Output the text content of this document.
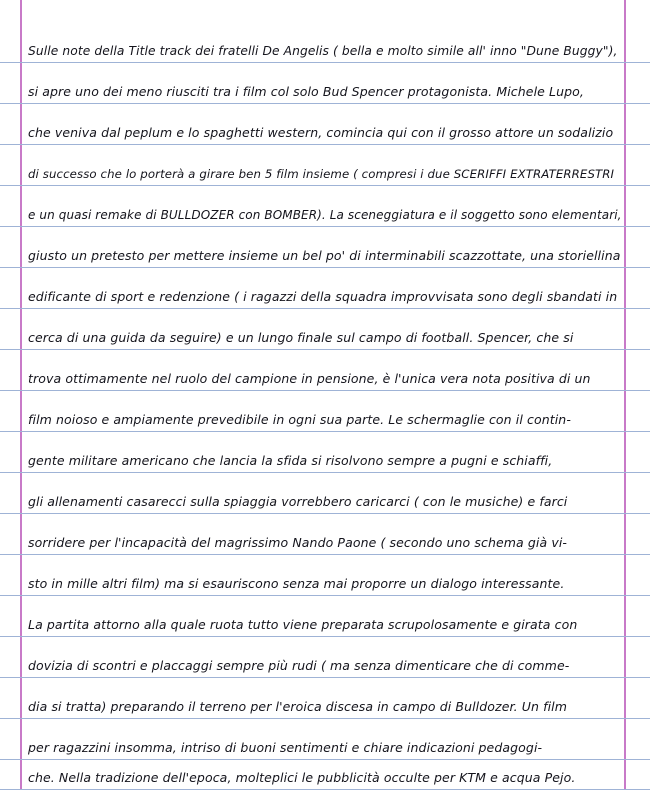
Sulle note della Title track dei fratelli De Angelis ( bella e molto simile all' inno "Dune Buggy"),
si apre uno dei meno riusciti tra i film col solo Bud Spencer protagonista. Michele Lupo,
che veniva dal peplum e lo spaghetti western, comincia qui con il grosso attore un sodalizio
di successo che lo porterà a girare ben 5 film insieme ( compresi i due SCERIFFI EXTRATERRESTRI
e un quasi remake di BULLDOZER con BOMBER). La sceneggiatura e il soggetto sono elementari,
giusto un pretesto per mettere insieme un bel po' di interminabili scazzottate, una storiellina
edificante di sport e redenzione ( i ragazzi della squadra improvvisata sono degli sbandati in
cerca di una guida da seguire) e un lungo finale sul campo di football. Spencer, che si
trova ottimamente nel ruolo del campione in pensione, è l'unica vera nota positiva di un
film noioso e ampiamente prevedibile in ogni sua parte. Le schermaglie con il contin-
gente militare americano che lancia la sfida si risolvono sempre a pugni e schiaffi,
gli allenamenti casarecci sulla spiaggia vorrebbero caricarci ( con le musiche) e farci
sorridere per l'incapacità del magrissimo Nando Paone ( secondo uno schema già vi-
sto in mille altri film) ma si esauriscono senza mai proporre un dialogo interessante.
La partita attorno alla quale ruota tutto viene preparata scrupolosamente e girata con
dovizia di scontri e placcaggi sempre più rudi ( ma senza dimenticare che di comme-
dia si tratta) preparando il terreno per l'eroica discesa in campo di Bulldozer. Un film
per ragazzini insomma, intriso di buoni sentimenti e chiare indicazioni pedagogi-
che. Nella tradizione dell'epoca, molteplici le pubblicità occulte per KTM e acqua Pejo.
